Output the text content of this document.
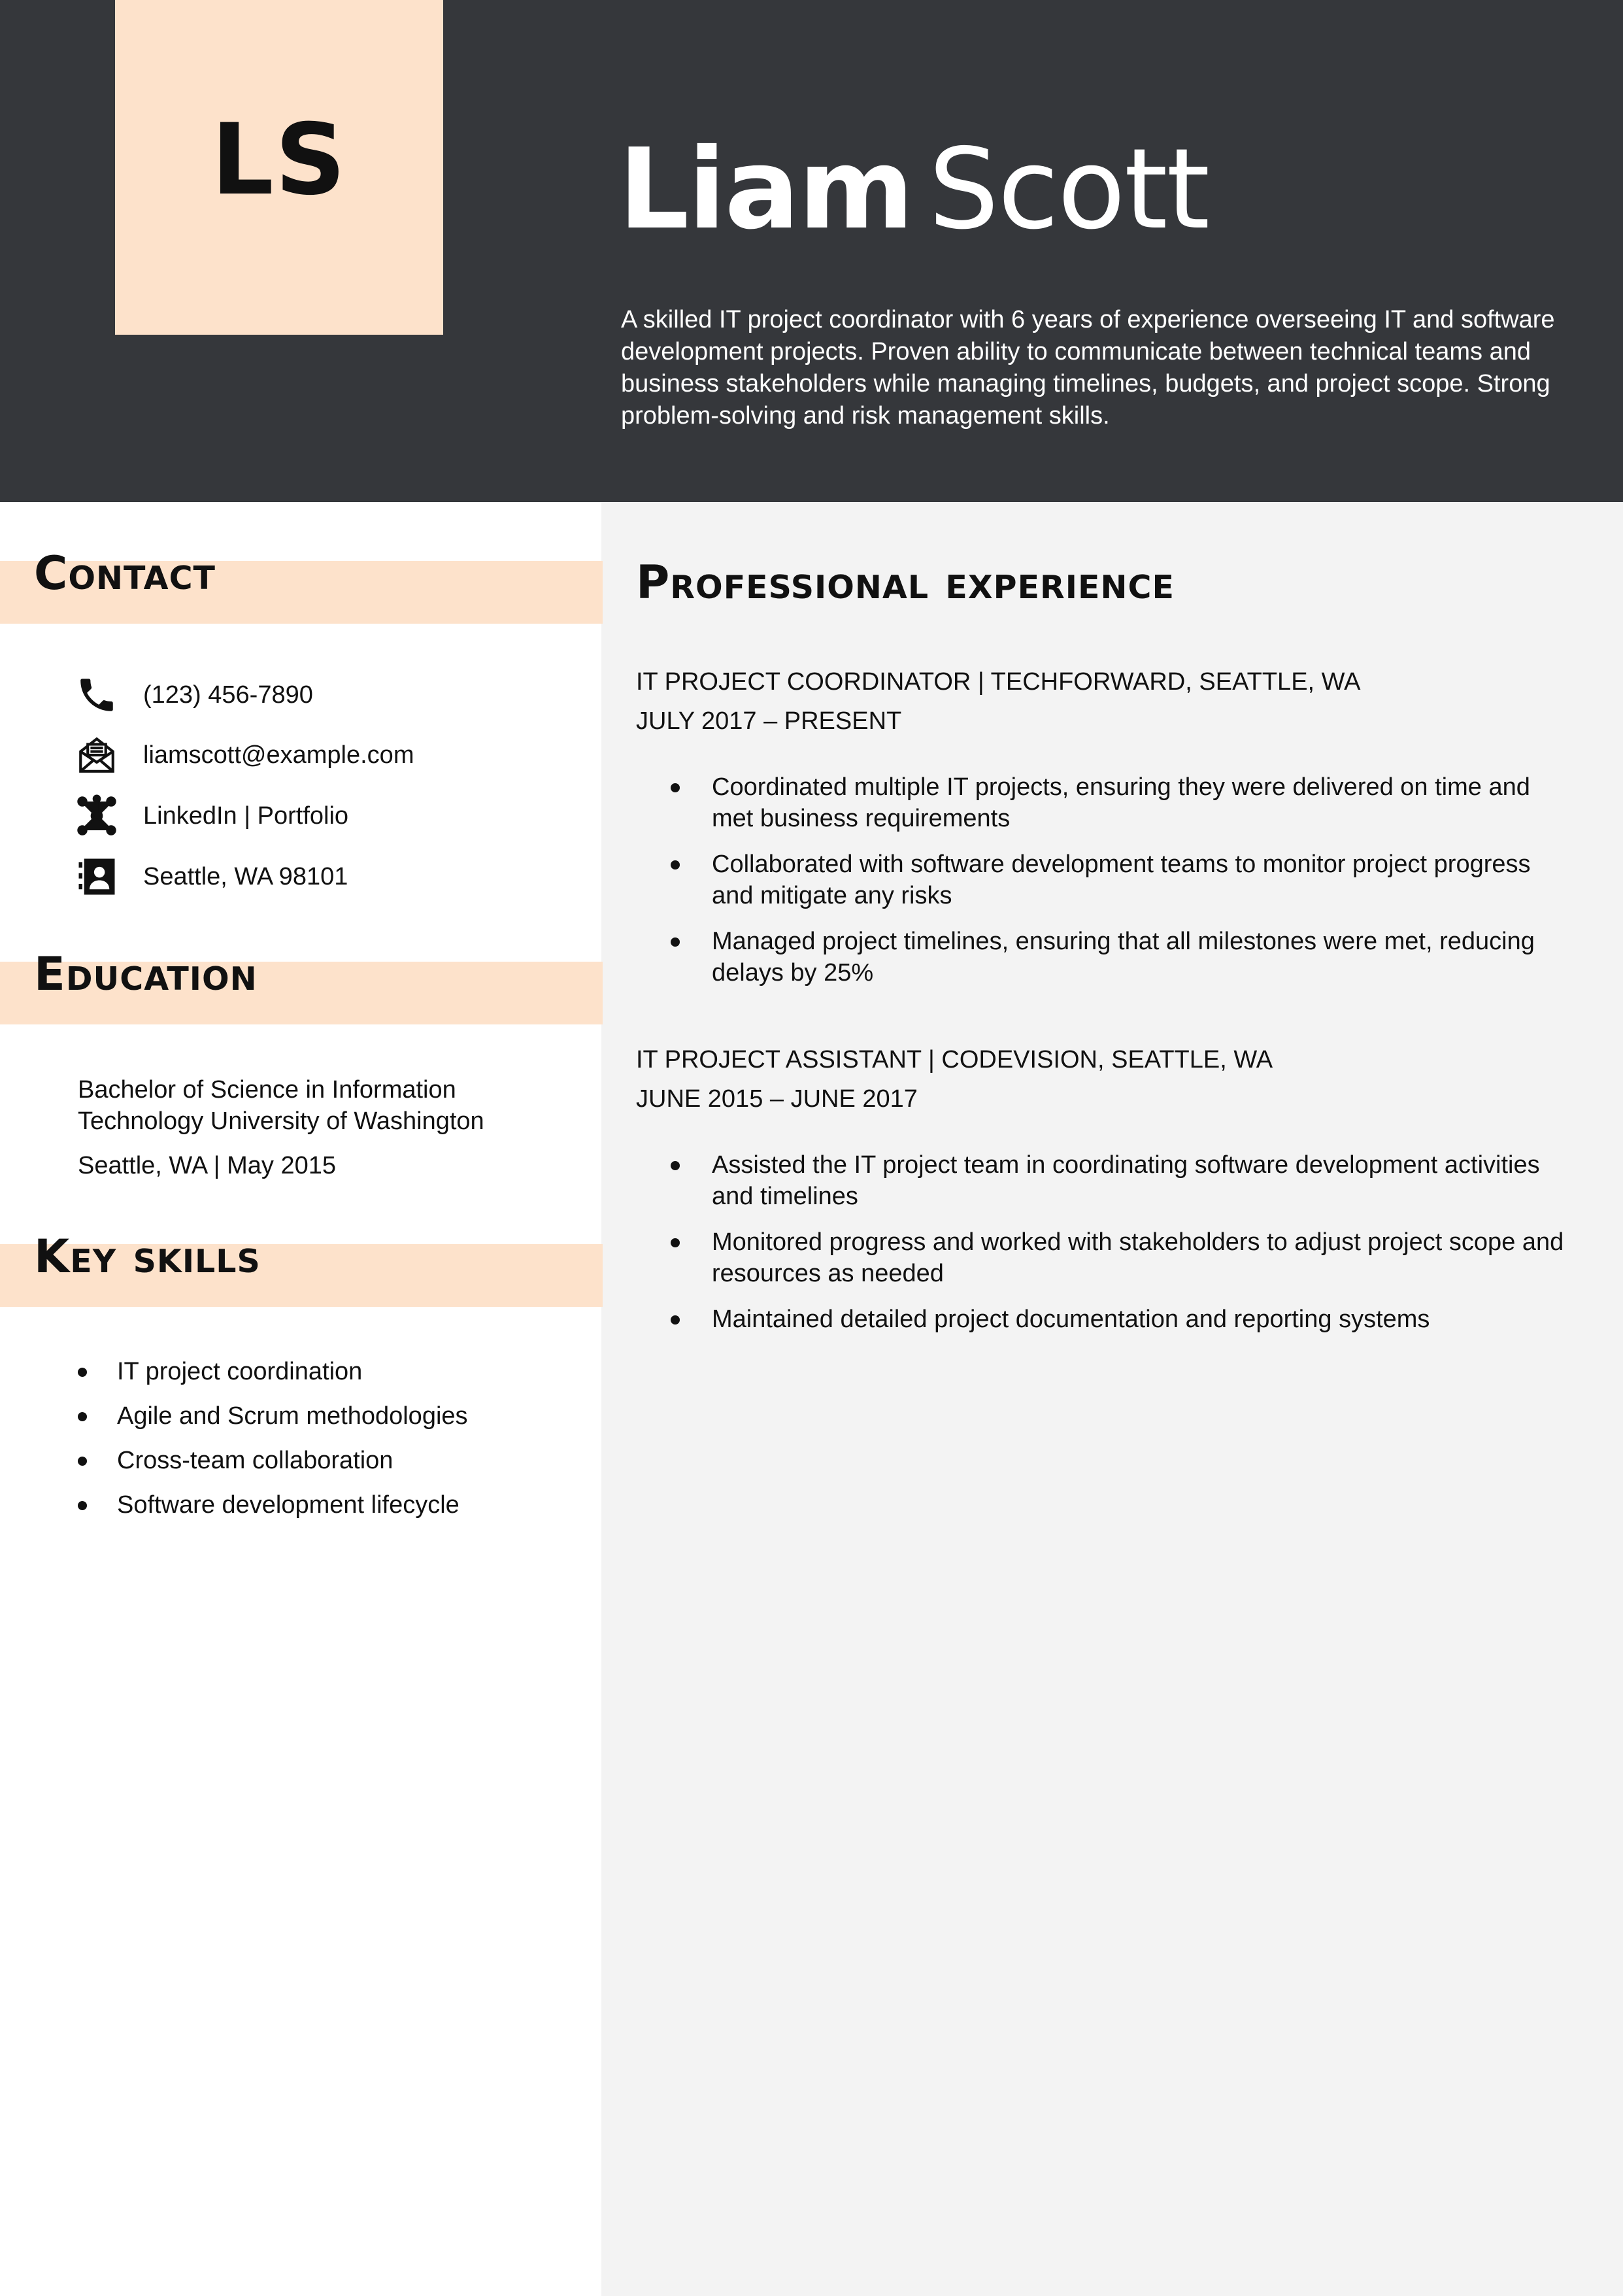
LS Liam Scott
A skilled IT project coordinator with 6 years of experience overseeing IT and software development projects. Proven ability to communicate between technical teams and business stakeholders while managing timelines, budgets, and project scope. Strong problem-solving and risk management skills.
Contact
(123) 456-7890
liamscott@example.com
LinkedIn | Portfolio
Seattle, WA 98101
Education
Bachelor of Science in Information Technology University of Washington
Seattle, WA | May 2015
Key skills
IT project coordination
Agile and Scrum methodologies
Cross-team collaboration
Software development lifecycle
Professional experience
IT PROJECT COORDINATOR | TECHFORWARD, SEATTLE, WA
JULY 2017 – PRESENT
Coordinated multiple IT projects, ensuring they were delivered on time and met business requirements
Collaborated with software development teams to monitor project progress and mitigate any risks
Managed project timelines, ensuring that all milestones were met, reducing delays by 25%
IT PROJECT ASSISTANT | CODEVISION, SEATTLE, WA
JUNE 2015 – JUNE 2017
Assisted the IT project team in coordinating software development activities and timelines
Monitored progress and worked with stakeholders to adjust project scope and resources as needed
Maintained detailed project documentation and reporting systems
